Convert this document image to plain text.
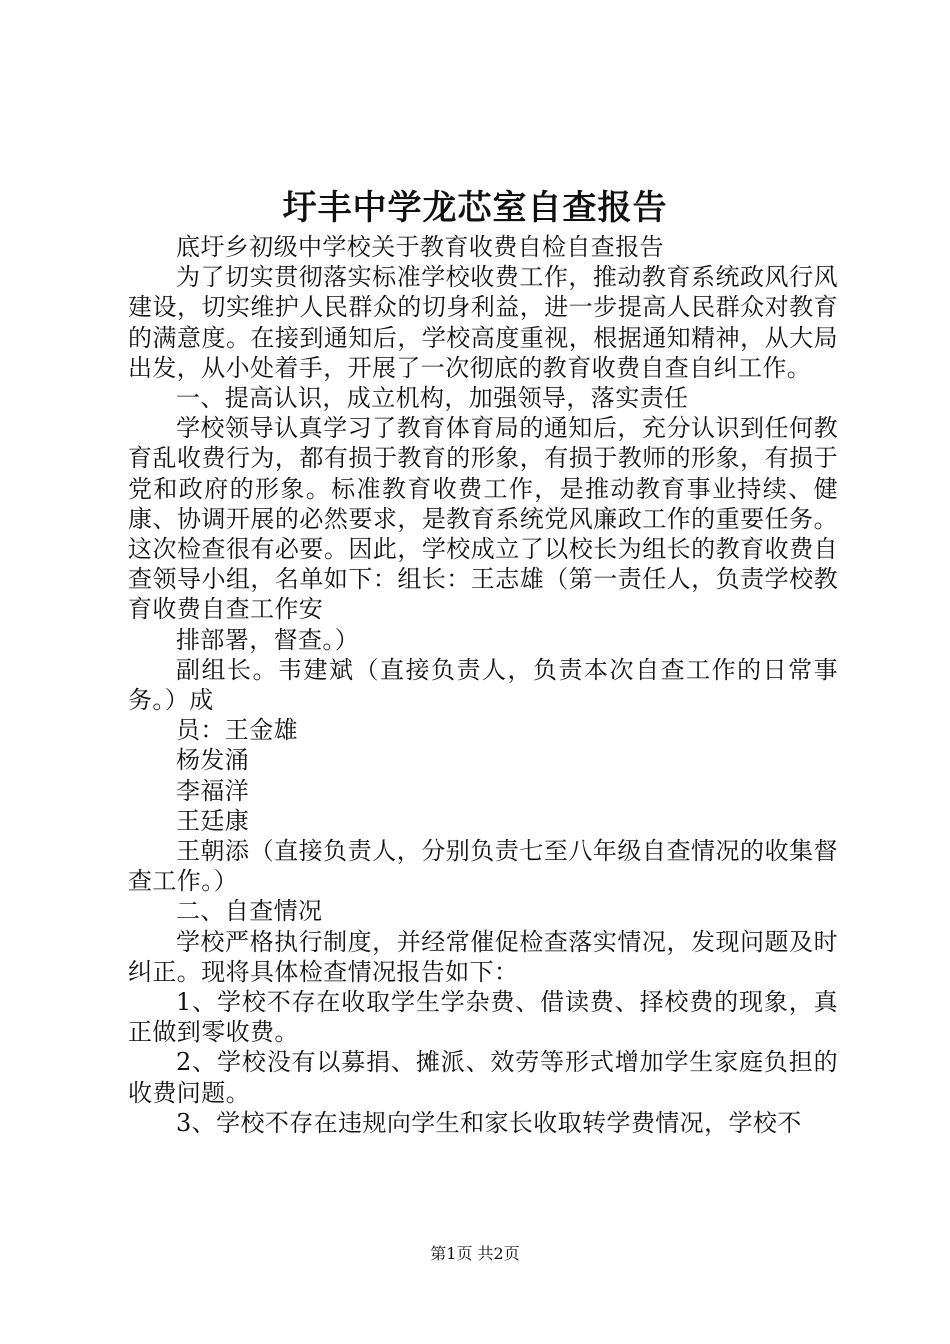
圩丰中学龙芯室自查报告

底圩乡初级中学校关于教育收费自检自查报告

为了切实贯彻落实标准学校收费工作，推动教育系统政风行风建设，切实维护人民群众的切身利益，进一步提高人民群众对教育的满意度。在接到通知后，学校高度重视，根据通知精神，从大局出发，从小处着手，开展了一次彻底的教育收费自查自纠工作。

一、提高认识，成立机构，加强领导，落实责任

学校领导认真学习了教育体育局的通知后，充分认识到任何教育乱收费行为，都有损于教育的形象，有损于教师的形象，有损于党和政府的形象。标准教育收费工作，是推动教育事业持续、健康、协调开展的必然要求，是教育系统党风廉政工作的重要任务。这次检查很有必要。因此，学校成立了以校长为组长的教育收费自查领导小组，名单如下：组长：王志雄（第一责任人，负责学校教育收费自查工作安

排部署，督查。）

副组长。韦建斌（直接负责人，负责本次自查工作的日常事务。）成

员：王金雄

杨发涌

李福洋

王廷康

王朝添（直接负责人，分别负责七至八年级自查情况的收集督查工作。）

二、自查情况

学校严格执行制度，并经常催促检查落实情况，发现问题及时纠正。现将具体检查情况报告如下：

1、学校不存在收取学生学杂费、借读费、择校费的现象，真正做到零收费。

2、学校没有以募捐、摊派、效劳等形式增加学生家庭负担的收费问题。

3、学校不存在违规向学生和家长收取转学费情况，学校不

第1页 共2页
